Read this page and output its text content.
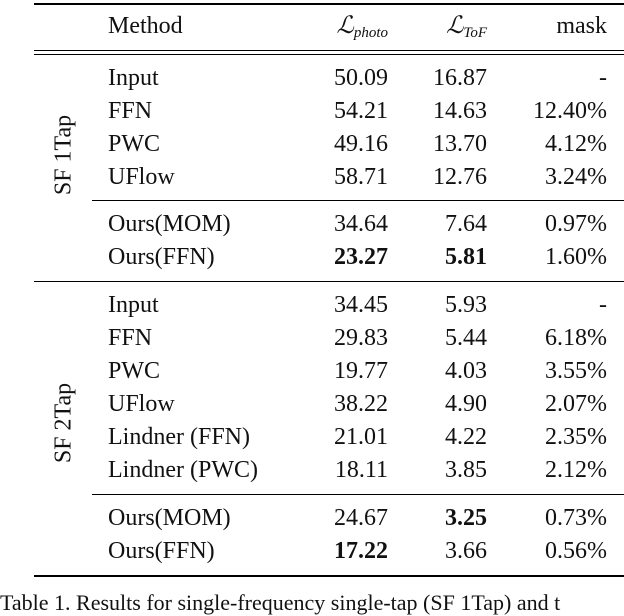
Method	ℒ$_{photo}$ ℒ$_{ToF}$	mask
SF 1Tap
Input	50.09 16.87	-
FFN	54.21 14.63 12.40%
PWC	49.16 13.70 4.12%
UFlow	58.71 12.76 3.24%
Ours(MOM)	34.64 7.64 0.97%
Ours(FFN)	23.27 5.81 1.60%
SF 2Tap
Input	34.45 5.93	-
FFN	29.83 5.44 6.18%
PWC	19.77 4.03 3.55%
UFlow	38.22 4.90 2.07%
Lindner (FFN)	21.01 4.22 2.35%
Lindner (PWC)	18.11 3.85 2.12%
Ours(MOM)	24.67 3.25 0.73%
Ours(FFN)	17.22 3.66 0.56%
Table 1. Results for single-frequency single-tap (SF 1Tap) and t
